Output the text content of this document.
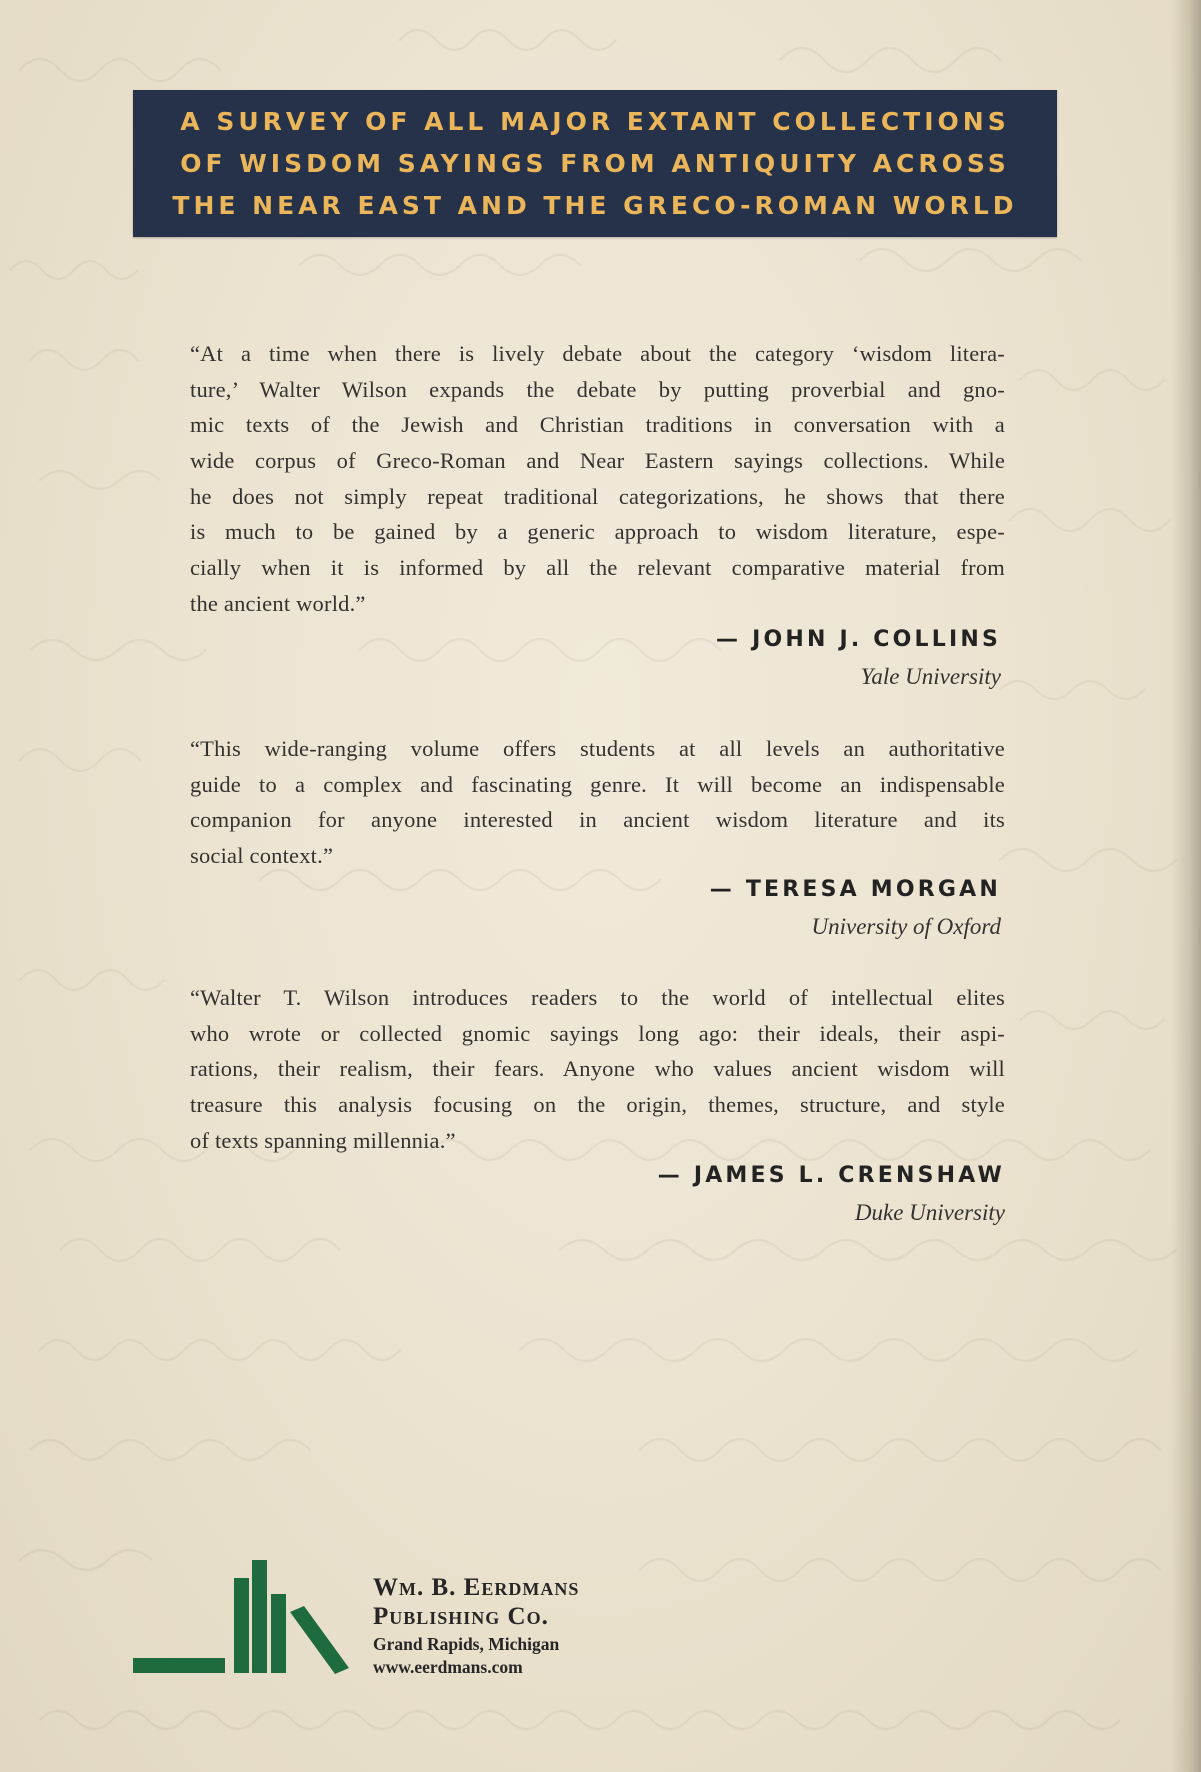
A SURVEY OF ALL MAJOR EXTANT COLLECTIONS
OF WISDOM SAYINGS FROM ANTIQUITY ACROSS
THE NEAR EAST AND THE GRECO-ROMAN WORLD
“At a time when there is lively debate about the category ‘wisdom litera-
ture,’ Walter Wilson expands the debate by putting proverbial and gno-
mic texts of the Jewish and Christian traditions in conversation with a
wide corpus of Greco-Roman and Near Eastern sayings collections. While
he does not simply repeat traditional categorizations, he shows that there
is much to be gained by a generic approach to wisdom literature, espe-
cially when it is informed by all the relevant comparative material from
the ancient world.”
— JOHN J. COLLINS
Yale University
“This wide-ranging volume offers students at all levels an authoritative
guide to a complex and fascinating genre. It will become an indispensable
companion for anyone interested in ancient wisdom literature and its
social context.”
— TERESA MORGAN
University of Oxford
“Walter T. Wilson introduces readers to the world of intellectual elites
who wrote or collected gnomic sayings long ago: their ideals, their aspi-
rations, their realism, their fears. Anyone who values ancient wisdom will
treasure this analysis focusing on the origin, themes, structure, and style
of texts spanning millennia.”
— JAMES L. CRENSHAW
Duke University
Wm. B. Eerdmans
Publishing Co.
Grand Rapids, Michigan
www.eerdmans.com
